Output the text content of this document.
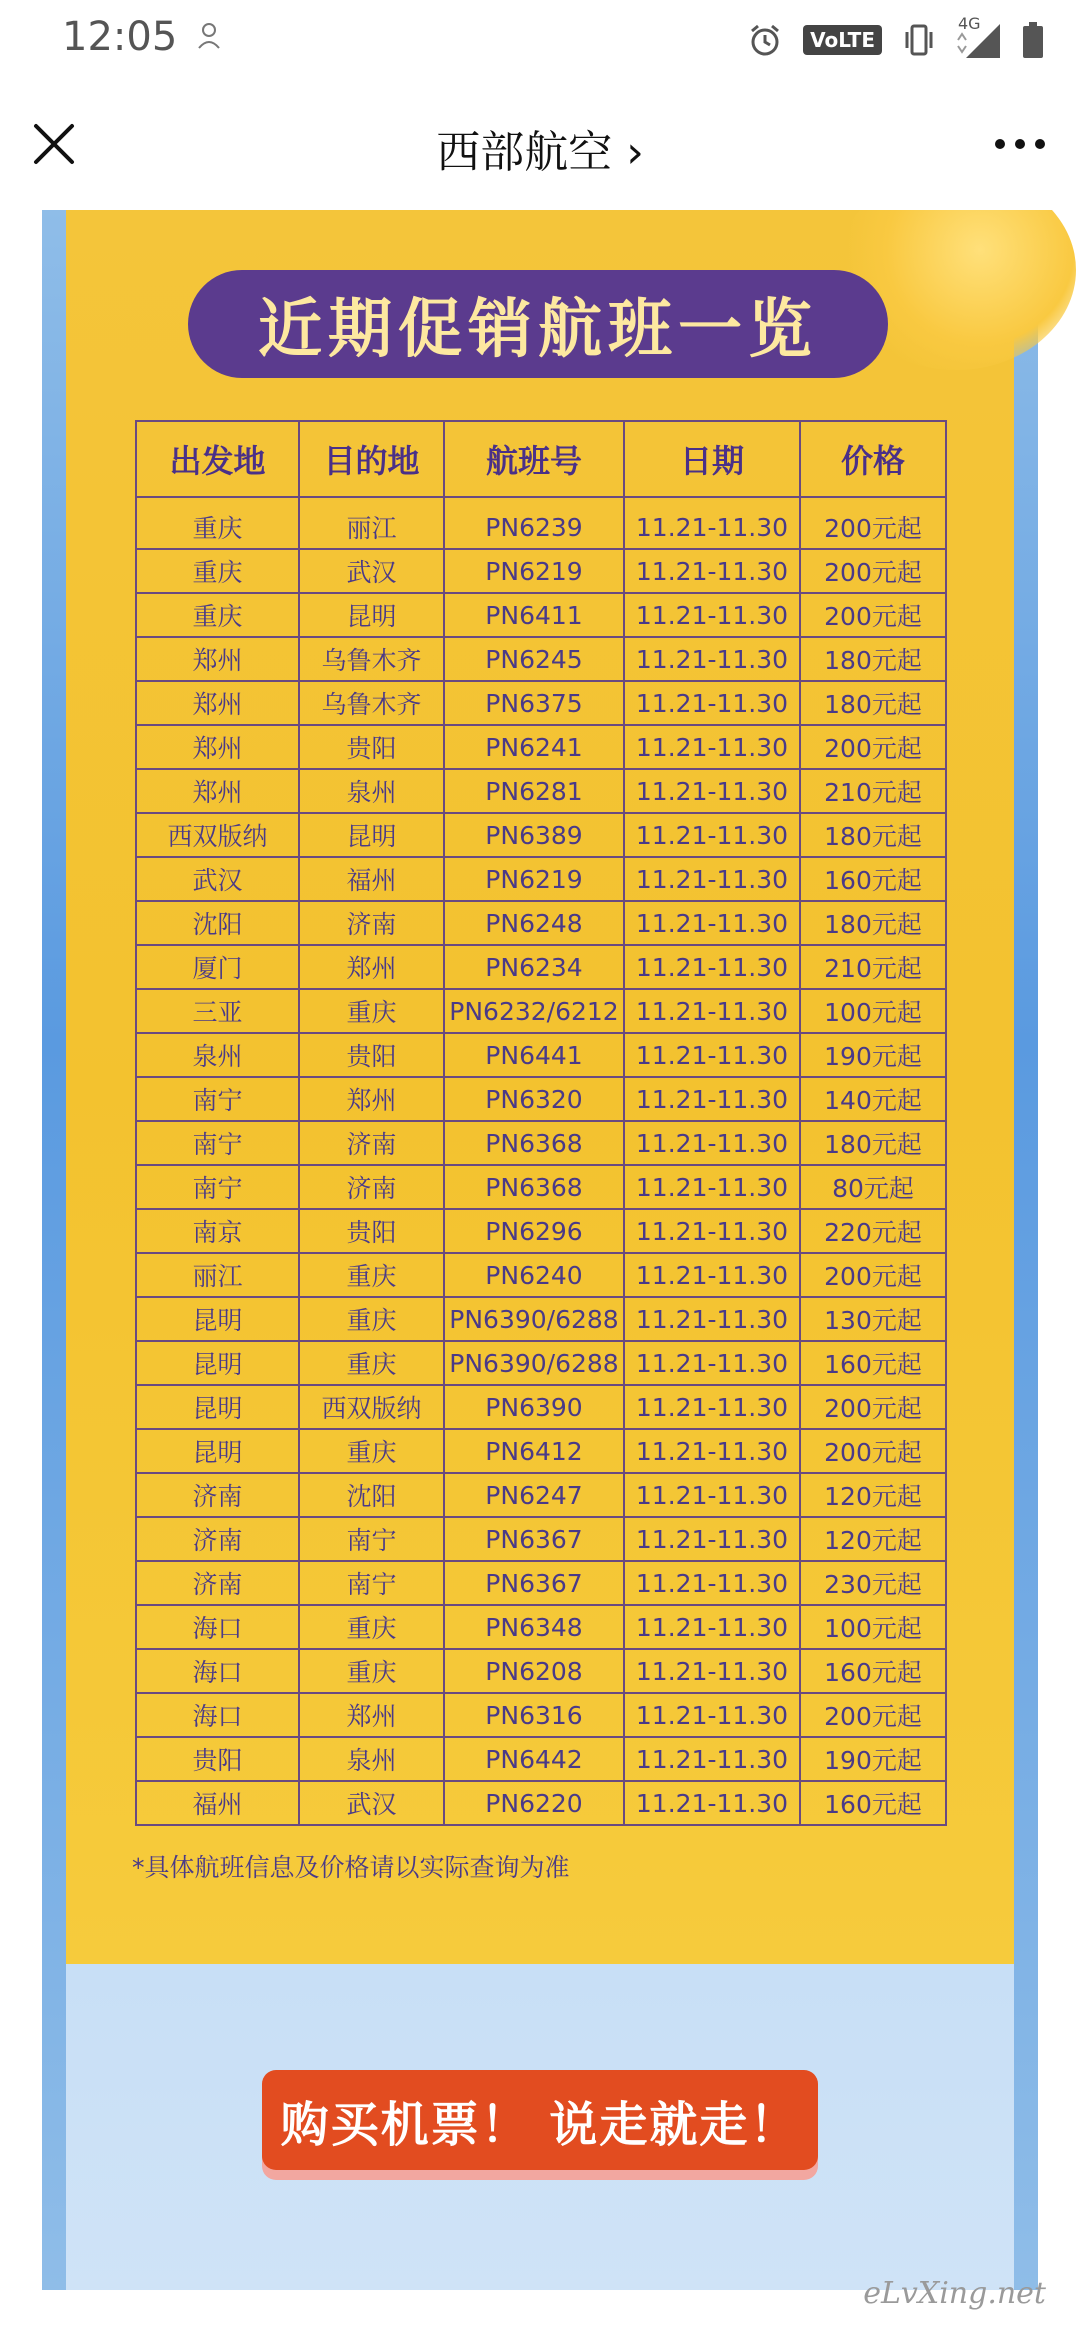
12:05	VoLTE
4G
西部航空 ›
近期促销航班一览
出发地	目的地	航班号	日期	价格
重庆	丽江	PN6239	11.21-11.30	200元起
重庆	武汉	PN6219	11.21-11.30	200元起
重庆	昆明	PN6411	11.21-11.30	200元起
郑州	乌鲁木齐	PN6245	11.21-11.30	180元起
郑州	乌鲁木齐	PN6375	11.21-11.30	180元起
郑州	贵阳	PN6241	11.21-11.30	200元起
郑州	泉州	PN6281	11.21-11.30	210元起
西双版纳	昆明	PN6389	11.21-11.30	180元起
武汉	福州	PN6219	11.21-11.30	160元起
沈阳	济南	PN6248	11.21-11.30	180元起
厦门	郑州	PN6234	11.21-11.30	210元起
三亚	重庆	PN6232/6212	11.21-11.30	100元起
泉州	贵阳	PN6441	11.21-11.30	190元起
南宁	郑州	PN6320	11.21-11.30	140元起
南宁	济南	PN6368	11.21-11.30	180元起
南宁	济南	PN6368	11.21-11.30	80元起
南京	贵阳	PN6296	11.21-11.30	220元起
丽江	重庆	PN6240	11.21-11.30	200元起
昆明	重庆	PN6390/6288	11.21-11.30	130元起
昆明	重庆	PN6390/6288	11.21-11.30	160元起
昆明	西双版纳	PN6390	11.21-11.30	200元起
昆明	重庆	PN6412	11.21-11.30	200元起
济南	沈阳	PN6247	11.21-11.30	120元起
济南	南宁	PN6367	11.21-11.30	120元起
济南	南宁	PN6367	11.21-11.30	230元起
海口	重庆	PN6348	11.21-11.30	100元起
海口	重庆	PN6208	11.21-11.30	160元起
海口	郑州	PN6316	11.21-11.30	200元起
贵阳	泉州	PN6442	11.21-11.30	190元起
福州	武汉	PN6220	11.21-11.30	160元起
*具体航班信息及价格请以实际查询为准
购买机票！ 说走就走！
eLvXing.net
